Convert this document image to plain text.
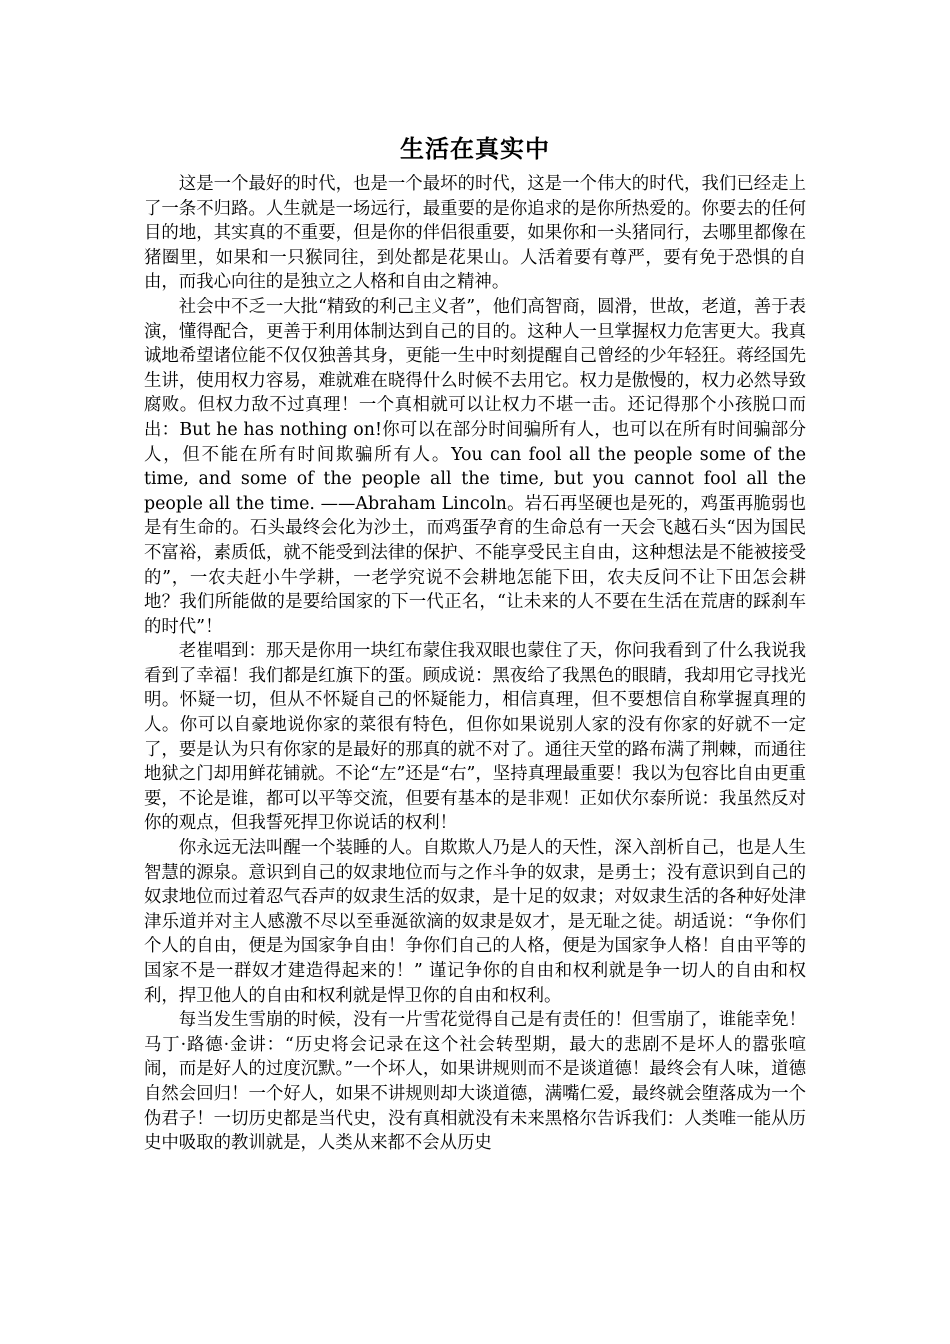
生活在真实中

这是一个最好的时代，也是一个最坏的时代，这是一个伟大的时代，我们已经走上了一条不归路。人生就是一场远行，最重要的是你追求的是你所热爱的。你要去的任何目的地，其实真的不重要，但是你的伴侣很重要，如果你和一头猪同行，去哪里都像在猪圈里，如果和一只猴同往，到处都是花果山。人活着要有尊严，要有免于恐惧的自由，而我心向往的是独立之人格和自由之精神。

社会中不乏一大批“精致的利己主义者”，他们高智商，圆滑，世故，老道，善于表演，懂得配合，更善于利用体制达到自己的目的。这种人一旦掌握权力危害更大。我真诚地希望诸位能不仅仅独善其身，更能一生中时刻提醒自己曾经的少年轻狂。蒋经国先生讲，使用权力容易，难就难在晓得什么时候不去用它。权力是傲慢的，权力必然导致腐败。但权力敌不过真理！一个真相就可以让权力不堪一击。还记得那个小孩脱口而出：But he has nothing on!你可以在部分时间骗所有人，也可以在所有时间骗部分人，但不能在所有时间欺骗所有人。You can fool all the people some of the time, and some of the people all the time, but you cannot fool all the people all the time. ——Abraham Lincoln。岩石再坚硬也是死的，鸡蛋再脆弱也是有生命的。石头最终会化为沙土，而鸡蛋孕育的生命总有一天会飞越石头“因为国民不富裕，素质低，就不能受到法律的保护、不能享受民主自由，这种想法是不能被接受的”，一农夫赶小牛学耕，一老学究说不会耕地怎能下田，农夫反问不让下田怎会耕地？我们所能做的是要给国家的下一代正名，“让未来的人不要在生活在荒唐的踩刹车的时代”！

老崔唱到：那天是你用一块红布蒙住我双眼也蒙住了天，你问我看到了什么我说我看到了幸福！我们都是红旗下的蛋。顾成说：黑夜给了我黑色的眼睛，我却用它寻找光明。怀疑一切，但从不怀疑自己的怀疑能力，相信真理，但不要想信自称掌握真理的人。你可以自豪地说你家的菜很有特色，但你如果说别人家的没有你家的好就不一定了，要是认为只有你家的是最好的那真的就不对了。通往天堂的路布满了荆棘，而通往地狱之门却用鲜花铺就。不论“左”还是“右”，坚持真理最重要！我以为包容比自由更重要，不论是谁，都可以平等交流，但要有基本的是非观！正如伏尔泰所说：我虽然反对你的观点，但我誓死捍卫你说话的权利！

你永远无法叫醒一个装睡的人。自欺欺人乃是人的天性，深入剖析自己，也是人生智慧的源泉。意识到自己的奴隶地位而与之作斗争的奴隶，是勇士；没有意识到自己的奴隶地位而过着忍气吞声的奴隶生活的奴隶，是十足的奴隶；对奴隶生活的各种好处津津乐道并对主人感激不尽以至垂涎欲滴的奴隶是奴才，是无耻之徒。胡适说：“争你们个人的自由，便是为国家争自由！争你们自己的人格，便是为国家争人格！自由平等的国家不是一群奴才建造得起来的！” 谨记争你的自由和权利就是争一切人的自由和权利，捍卫他人的自由和权利就是悍卫你的自由和权利。

每当发生雪崩的时候，没有一片雪花觉得自己是有责任的！但雪崩了，谁能幸免！马丁·路德·金讲：“历史将会记录在这个社会转型期，最大的悲剧不是坏人的嚣张喧闹，而是好人的过度沉默。”一个坏人，如果讲规则而不是谈道德！最终会有人味，道德自然会回归！一个好人，如果不讲规则却大谈道德，满嘴仁爱，最终就会堕落成为一个伪君子！一切历史都是当代史，没有真相就没有未来黑格尔告诉我们：人类唯一能从历史中吸取的教训就是，人类从来都不会从历史
